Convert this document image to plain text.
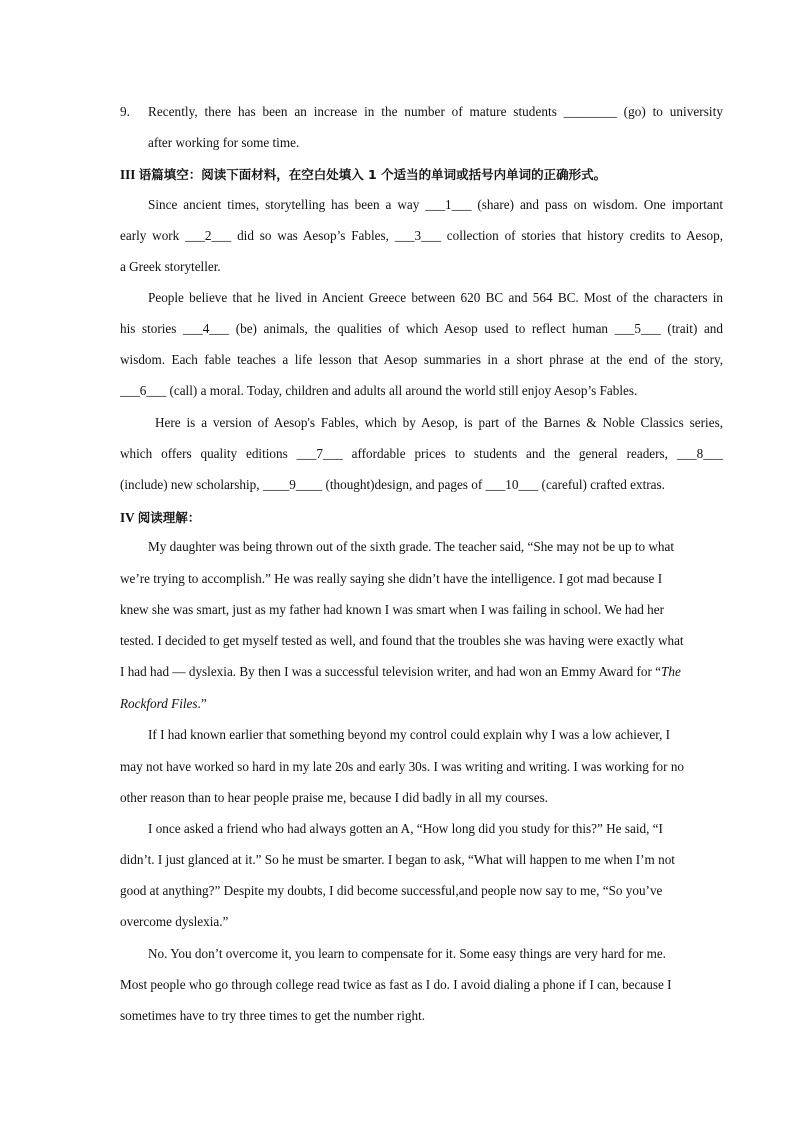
9. Recently, there has been an increase in the number of mature students ________ (go) to university
after working for some time.
III 语篇填空：阅读下面材料，在空白处填入 1 个适当的单词或括号内单词的正确形式。
Since ancient times, storytelling has been a way ___1___ (share) and pass on wisdom. One important
early work ___2___ did so was Aesop’s Fables, ___3___ collection of stories that history credits to Aesop,
a Greek storyteller.
People believe that he lived in Ancient Greece between 620 BC and 564 BC. Most of the characters in
his stories ___4___ (be) animals, the qualities of which Aesop used to reflect human ___5___ (trait) and
wisdom. Each fable teaches a life lesson that Aesop summaries in a short phrase at the end of the story,
___6___ (call) a moral. Today, children and adults all around the world still enjoy Aesop’s Fables.
Here is a version of Aesop's Fables, which by Aesop, is part of the Barnes & Noble Classics series,
which offers quality editions ___7___ affordable prices to students and the general readers, ___8___
(include) new scholarship, ____9____ (thought)design, and pages of ___10___ (careful) crafted extras.
IV 阅读理解：
My daughter was being thrown out of the sixth grade. The teacher said, “She may not be up to what
we’re trying to accomplish.” He was really saying she didn’t have the intelligence. I got mad because I
knew she was smart, just as my father had known I was smart when I was failing in school. We had her
tested. I decided to get myself tested as well, and found that the troubles she was having were exactly what
I had had — dyslexia. By then I was a successful television writer, and had won an Emmy Award for “The
Rockford Files.”
If I had known earlier that something beyond my control could explain why I was a low achiever, I
may not have worked so hard in my late 20s and early 30s. I was writing and writing. I was working for no
other reason than to hear people praise me, because I did badly in all my courses.
I once asked a friend who had always gotten an A, “How long did you study for this?” He said, “I
didn’t. I just glanced at it.” So he must be smarter. I began to ask, “What will happen to me when I’m not
good at anything?” Despite my doubts, I did become successful,and people now say to me, “So you’ve
overcome dyslexia.”
No. You don’t overcome it, you learn to compensate for it. Some easy things are very hard for me.
Most people who go through college read twice as fast as I do. I avoid dialing a phone if I can, because I
sometimes have to try three times to get the number right.
